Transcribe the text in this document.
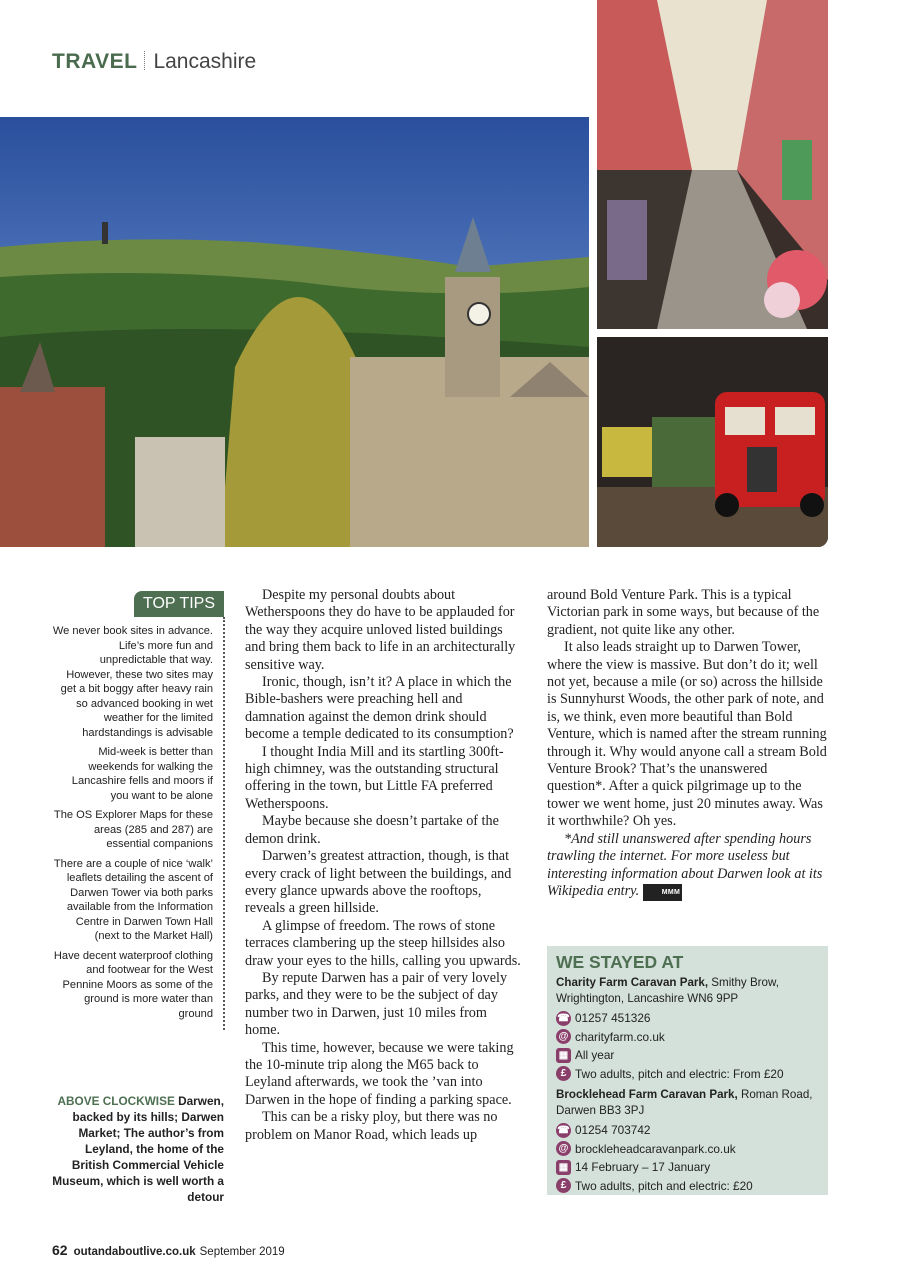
TRAVEL Lancashire
TOP TIPS

We never book sites in advance. Life’s more fun and unpredictable that way. However, these two sites may get a bit boggy after heavy rain so advanced booking in wet weather for the limited hardstandings is advisable

Mid-week is better than weekends for walking the Lancashire fells and moors if you want to be alone

The OS Explorer Maps for these areas (285 and 287) are essential companions

There are a couple of nice ‘walk’ leaflets detailing the ascent of Darwen Tower via both parks available from the Information Centre in Darwen Town Hall (next to the Market Hall)

Have decent waterproof clothing and footwear for the West Pennine Moors as some of the ground is more water than ground

ABOVE CLOCKWISE Darwen, backed by its hills; Darwen Market; The author’s from Leyland, the home of the British Commercial Vehicle Museum, which is well worth a detour

Despite my personal doubts about Wetherspoons they do have to be applauded for the way they acquire unloved listed buildings and bring them back to life in an architecturally sensitive way.

Ironic, though, isn’t it? A place in which the Bible-bashers were preaching hell and damnation against the demon drink should become a temple dedicated to its consumption?

I thought India Mill and its startling 300ft-high chimney, was the outstanding structural offering in the town, but Little FA preferred Wetherspoons.

Maybe because she doesn’t partake of the demon drink.

Darwen’s greatest attraction, though, is that every crack of light between the buildings, and every glance upwards above the rooftops, reveals a green hillside.

A glimpse of freedom. The rows of stone terraces clambering up the steep hillsides also draw your eyes to the hills, calling you upwards.

By repute Darwen has a pair of very lovely parks, and they were to be the subject of day number two in Darwen, just 10 miles from home.

This time, however, because we were taking the 10-minute trip along the M65 back to Leyland afterwards, we took the ’van into Darwen in the hope of finding a parking space.

This can be a risky ploy, but there was no problem on Manor Road, which leads up

around Bold Venture Park. This is a typical Victorian park in some ways, but because of the gradient, not quite like any other.

It also leads straight up to Darwen Tower, where the view is massive. But don’t do it; well not yet, because a mile (or so) across the hillside is Sunnyhurst Woods, the other park of note, and is, we think, even more beautiful than Bold Venture, which is named after the stream running through it. Why would anyone call a stream Bold Venture Brook? That’s the unanswered question*. After a quick pilgrimage up to the tower we went home, just 20 minutes away. Was it worthwhile? Oh yes.

*And still unanswered after spending hours trawling the internet. For more useless but interesting information about Darwen look at its Wikipedia entry.	MMM

WE STAYED AT
Charity Farm Caravan Park, Smithy Brow, Wrightington, Lancashire WN6 9PP
☎ 01257 451326
@ charityfarm.co.uk
▦ All year
£ Two adults, pitch and electric: From £20
Brocklehead Farm Caravan Park, Roman Road, Darwen BB3 3PJ
☎ 01254 703742
@ brockleheadcaravanpark.co.uk
▦ 14 February – 17 January
£ Two adults, pitch and electric: £20
62 outandaboutlive.co.uk September 2019
